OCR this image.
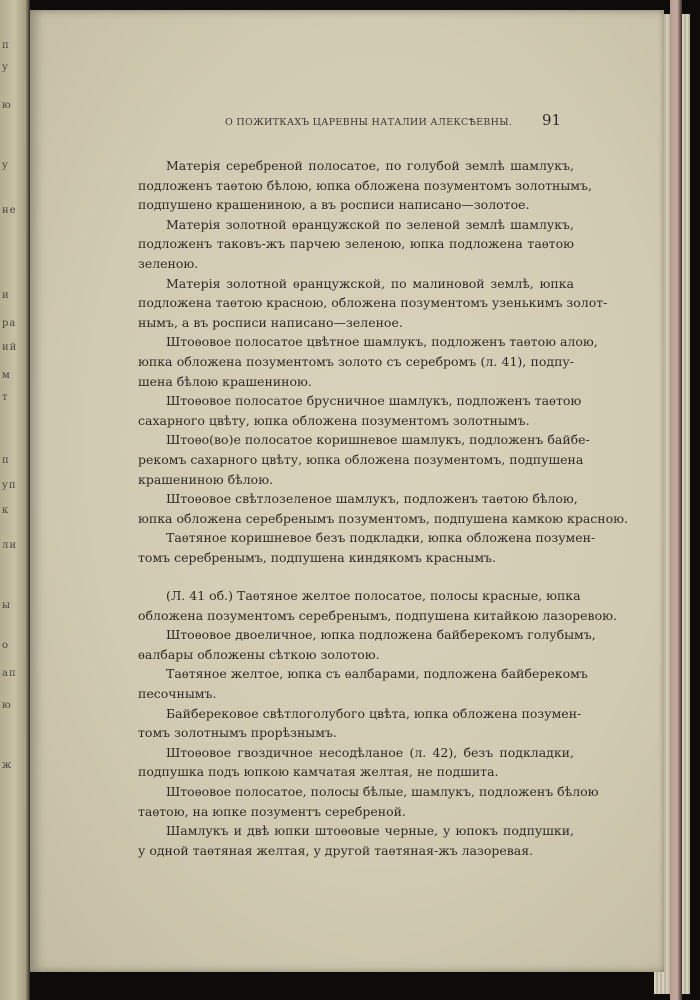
п
у
ю
у
не
и
ра
ий
м
т
п
уп
к
ли
ы
о
ап
ю
ж
О ПОЖИТКАХЪ ЦАРЕВНЫ НАТАЛИИ АЛЕКСѢЕВНЫ. 91
Матерiя серебреной полосатое, по голубой землѣ шамлукъ,
подложенъ таѳтою бѣлою, юпка обложена позументомъ золотнымъ,
подпушено крашениною, а въ росписи написано—золотое.
Матерiя золотной ѳранцужской по зеленой землѣ шамлукъ,
подложенъ таковъ-жъ парчею зеленою, юпка подложена таѳтою
зеленою.
Матерiя золотной ѳранцужской, по малиновой землѣ, юпка
подложена таѳтою красною, обложена позументомъ узенькимъ золот-
нымъ, а въ росписи написано—зеленое.
Штоѳовое полосатое цвѣтное шамлукъ, подложенъ таѳтою алою,
юпка обложена позументомъ золото съ серебромъ (л. 41), подпу-
шена бѣлою крашениною.
Штоѳовое полосатое брусничное шамлукъ, подложенъ таѳтою
сахарного цвѣту, юпка обложена позументомъ золотнымъ.
Штоѳо(во)е полосатое коришневое шамлукъ, подложенъ байбе-
рекомъ сахарного цвѣту, юпка обложена позументомъ, подпушена
крашениною бѣлою.
Штоѳовое свѣтлозеленое шамлукъ, подложенъ таѳтою бѣлою,
юпка обложена серебренымъ позументомъ, подпушена камкою красною.
Таѳтяное коришневое безъ подкладки, юпка обложена позумен-
томъ серебренымъ, подпушена киндякомъ краснымъ.
(Л. 41 об.) Таѳтяное желтое полосатое, полосы красные, юпка
обложена позументомъ серебренымъ, подпушена китайкою лазоревою.
Штоѳовое двоеличное, юпка подложена байберекомъ голубымъ,
ѳалбары обложены сѣткою золотою.
Таѳтяное желтое, юпка съ ѳалбарами, подложена байберекомъ
песочнымъ.
Байберековое свѣтлоголубого цвѣта, юпка обложена позумен-
томъ золотнымъ прорѣзнымъ.
Штоѳовое гвоздичное несодѣланое (л. 42), безъ подкладки,
подпушка подъ юпкою камчатая желтая, не подшита.
Штоѳовое полосатое, полосы бѣлые, шамлукъ, подложенъ бѣлою
таѳтою, на юпке позументъ серебреной.
Шамлукъ и двѣ юпки штоѳовые черные, у юпокъ подпушки,
у одной таѳтяная желтая, у другой таѳтяная-жъ лазоревая.
